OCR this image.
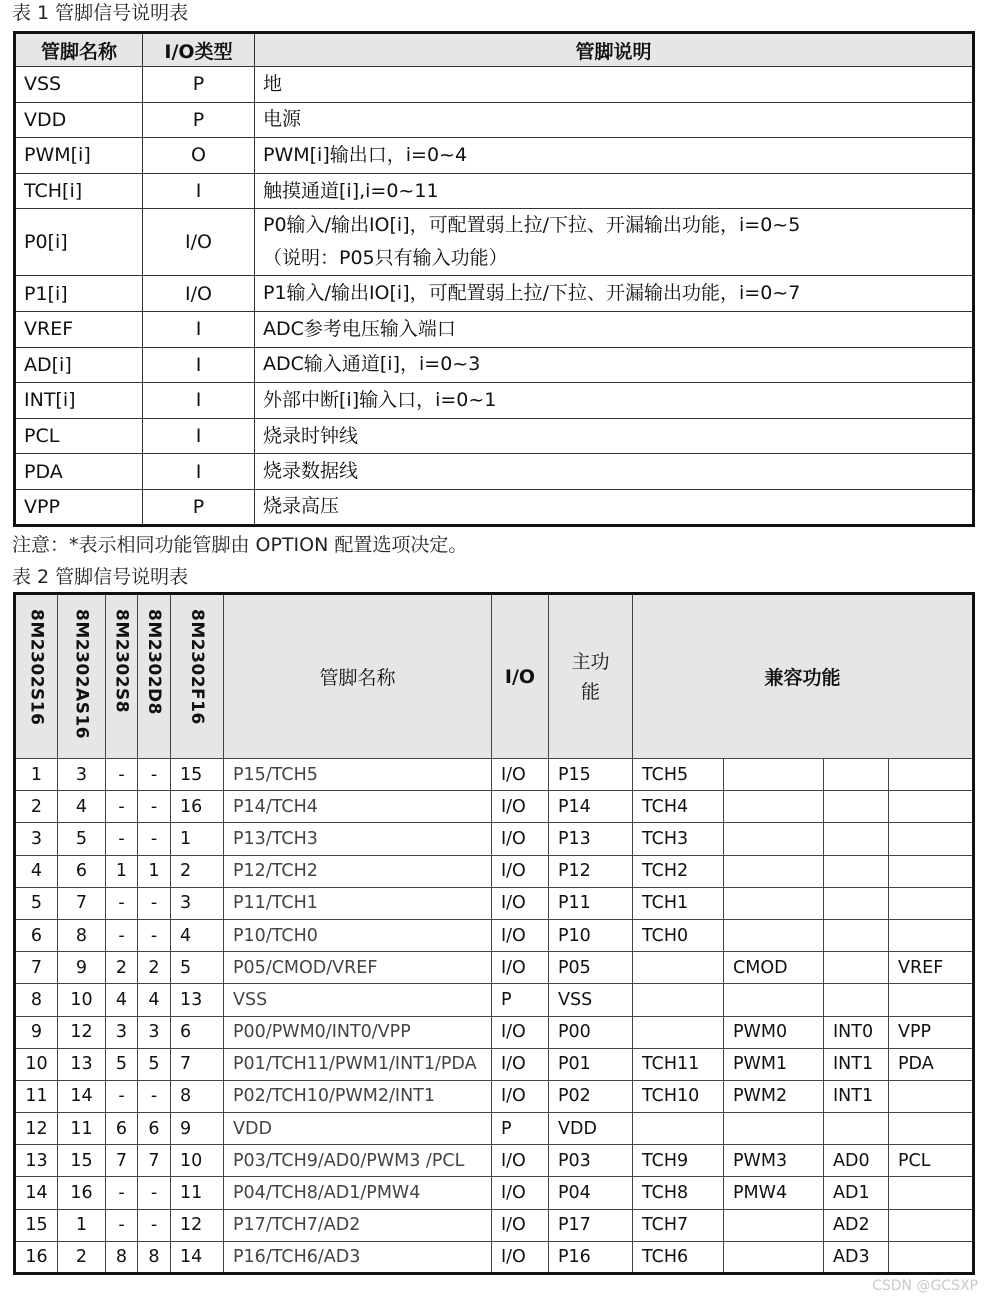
表 1 管脚信号说明表
管脚名称	I/O类型	管脚说明
VSS	P	地

VDD	P	电源

PWM[i]	O	PWM[i]输出口，i=0~4

TCH[i]	I	触摸通道[i],i=0~11

P0[i]	I/O	P0输入/输出IO[i]，可配置弱上拉/下拉、开漏输出功能，i=0~5
（说明：P05只有输入功能）

P1[i]	I/O	P1输入/输出IO[i]，可配置弱上拉/下拉、开漏输出功能，i=0~7

VREF	I	ADC参考电压输入端口

AD[i]	I	ADC输入通道[i]，i=0~3

INT[i]	I	外部中断[i]输入口，i=0~1

PCL	I	烧录时钟线

PDA	I	烧录数据线

VPP	P	烧录高压
注意：*表示相同功能管脚由 OPTION 配置选项决定。
表 2 管脚信号说明表
8M2302S16	8M2302AS16	8M2302S8	8M2302D8	8M2302F16	管脚名称	I/O	主功能	兼容功能			
1	3	-	-	15	P15/TCH5	I/O	P15	TCH5			
2	4	-	-	16	P14/TCH4	I/O	P14	TCH4			
3	5	-	-	1	P13/TCH3	I/O	P13	TCH3			
4	6	1	1	2	P12/TCH2	I/O	P12	TCH2			
5	7	-	-	3	P11/TCH1	I/O	P11	TCH1			
6	8	-	-	4	P10/TCH0	I/O	P10	TCH0			
7	9	2	2	5	P05/CMOD/VREF	I/O	P05		CMOD		VREF
8	10	4	4	13	VSS	P	VSS				
9	12	3	3	6	P00/PWM0/INT0/VPP	I/O	P00		PWM0	INT0	VPP
10	13	5	5	7	P01/TCH11/PWM1/INT1/PDA	I/O	P01	TCH11	PWM1	INT1	PDA
11	14	-	-	8	P02/TCH10/PWM2/INT1	I/O	P02	TCH10	PWM2	INT1	
12	11	6	6	9	VDD	P	VDD				
13	15	7	7	10	P03/TCH9/AD0/PWM3 /PCL	I/O	P03	TCH9	PWM3	AD0	PCL
14	16	-	-	11	P04/TCH8/AD1/PMW4	I/O	P04	TCH8	PMW4	AD1	
15	1	-	-	12	P17/TCH7/AD2	I/O	P17	TCH7		AD2	
16	2	8	8	14	P16/TCH6/AD3	I/O	P16	TCH6		AD3	
CSDN @GCSXP
